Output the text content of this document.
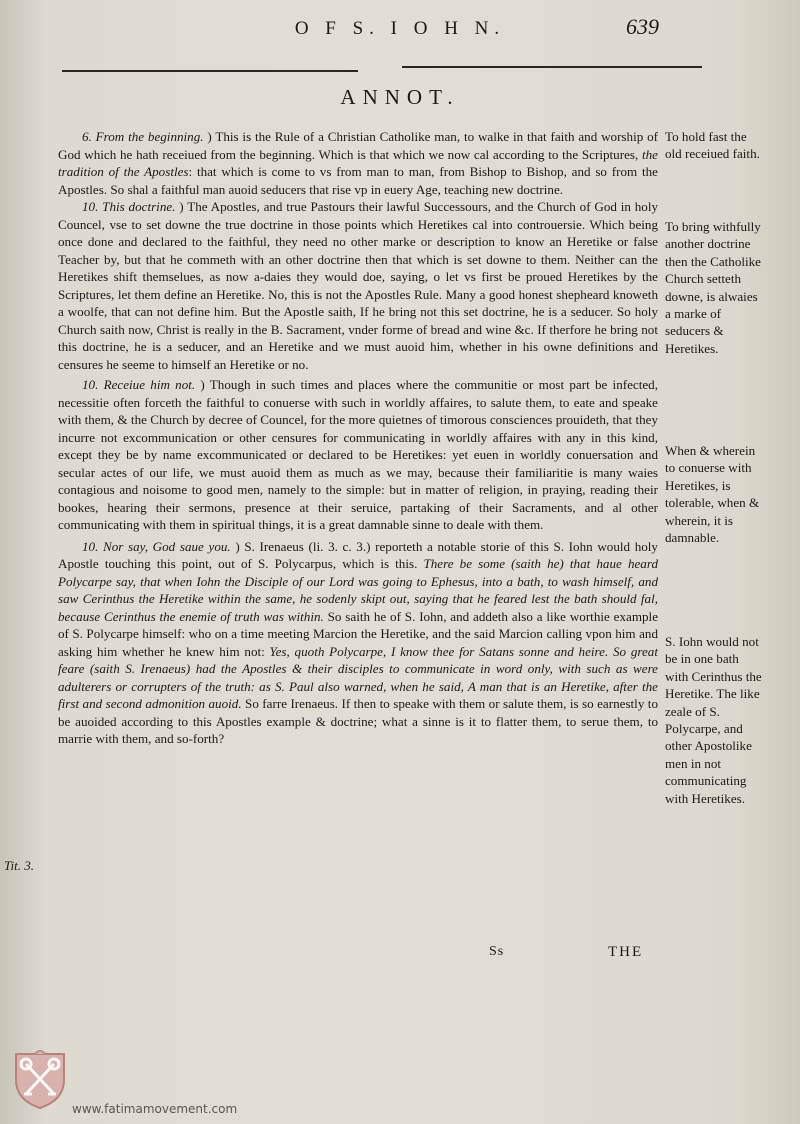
O F S. I O H N.	639
ANNOT.

6. From the beginning. ) This is the Rule of a Christian Catholike man, to walke in that faith and worship of God which he hath receiued from the beginning. Which is that which we now cal according to the Scriptures, the tradition of the Apostles: that which is come to vs from man to man, from Bishop to Bishop, and so from the Apostles. So shal a faithful man auoid seducers that rise vp in euery Age, teaching new doctrine.

10. This doctrine. ) The Apostles, and true Pastours their lawful Successours, and the Church of God in holy Councel, vse to set downe the true doctrine in those points which Heretikes cal into controuersie. Which being once done and declared to the faithful, they need no other marke or description to know an Heretike or false Teacher by, but that he commeth with an other doctrine then that which is set downe to them. Neither can the Heretikes shift themselues, as now a-daies they would doe, saying, o let vs first be proued Heretikes by the Scriptures, let them define an Heretike. No, this is not the Apostles Rule. Many a good honest shepheard knoweth a woolfe, that can not define him. But the Apostle saith, If he bring not this set doctrine, he is a seducer. So holy Church saith now, Christ is really in the B. Sacrament, vnder forme of bread and wine &c. If therfore he bring not this doctrine, he is a seducer, and an Heretike and we must auoid him, whether in his owne definitions and censures he seeme to himself an Heretike or no.

10. Receiue him not. ) Though in such times and places where the communitie or most part be infected, necessitie often forceth the faithful to conuerse with such in worldly affaires, to salute them, to eate and speake with them, & the Church by decree of Councel, for the more quietnes of timorous consciences prouideth, that they incurre not excommunication or other censures for communicating in worldly affaires with any in this kind, except they be by name excommunicated or declared to be Heretikes: yet euen in worldly conuersation and secular actes of our life, we must auoid them as much as we may, because their familiaritie is many waies contagious and noisome to good men, namely to the simple: but in matter of religion, in praying, reading their bookes, hearing their sermons, presence at their seruice, partaking of their Sacraments, and al other communicating with them in spiritual things, it is a great damnable sinne to deale with them.

10. Nor say, God saue you. ) S. Irenaeus (li. 3. c. 3.) reporteth a notable storie of this S. Iohn would holy Apostle touching this point, out of S. Polycarpus, which is this. There be some (saith he) that haue heard Polycarpe say, that when Iohn the Disciple of our Lord was going to Ephesus, into a bath, to wash himself, and saw Cerinthus the Heretike within the same, he sodenly skipt out, saying that he feared lest the bath should fal, because Cerinthus the enemie of truth was within. So saith he of S. Iohn, and addeth also a like worthie example of S. Polycarpe himself: who on a time meeting Marcion the Heretike, and the said Marcion calling vpon him and asking him whether he knew him not: Yes, quoth Polycarpe, I know thee for Satans sonne and heire. So great feare (saith S. Irenaeus) had the Apostles & their disciples to communicate in word only, with such as were adulterers or corrupters of the truth: as S. Paul also warned, when he said, A man that is an Heretike, after the first and second admonition auoid. So farre Irenaeus. If then to speake with them or salute them, is so earnestly to be auoided according to this Apostles example & doctrine; what a sinne is it to flatter them, to serue them, to marrie with them, and so-forth?

To hold fast the old receiued faith.
To bring withfully another doctrine then the Catholike Church setteth downe, is alwaies a marke of seducers & Heretikes.
When & wherein to conuerse with Heretikes, is tolerable, when & wherein, it is damnable.
S. Iohn would not be in one bath with Cerinthus the Heretike. The like zeale of S. Polycarpe, and other Apostolike men in not communicating with Heretikes.
Tit. 3.
Ss	THE
www.fatimamovement.com
